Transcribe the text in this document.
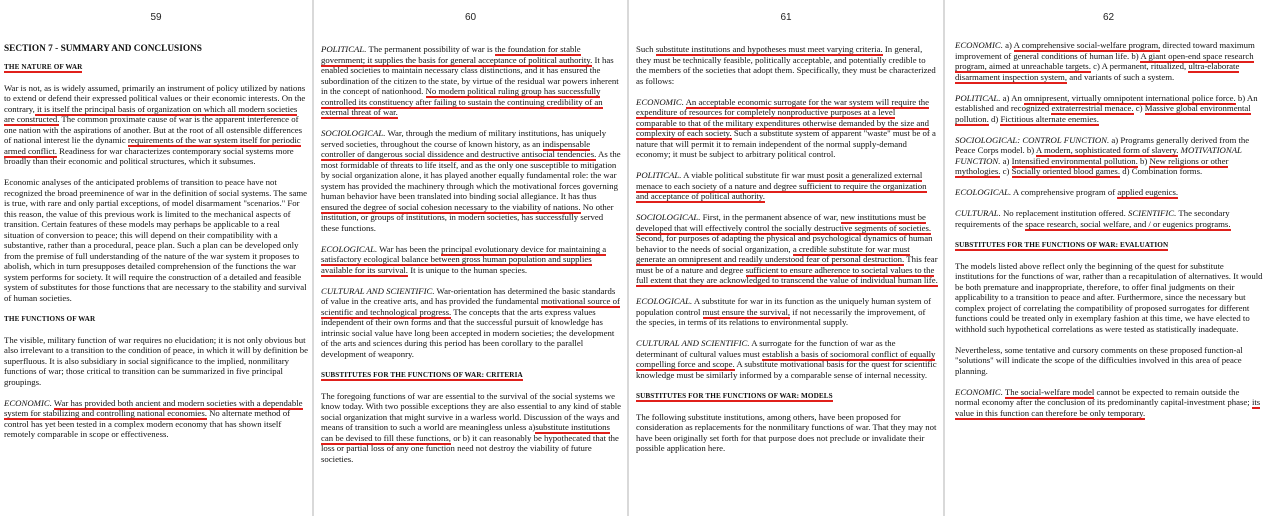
59
SECTION 7 - SUMMARY AND CONCLUSIONS
THE NATURE OF WAR

War is not, as is widely assumed, primarily an instrument of policy utilized by nations to extend or defend their expressed political values or their economic interests. On the contrary, it is itself the principal basis of organization on which all modern societies are constructed. The common proximate cause of war is the apparent interference of one nation with the aspirations of another. But at the root of all ostensible differences of national interest lie the dynamic requirements of the war system itself for periodic armed conflict. Readiness for war characterizes contemporary social systems more broadly than their economic and political structures, which it subsumes.

Economic analyses of the anticipated problems of transition to peace have not recognized the broad preeminence of war in the definition of social systems. The same is true, with rare and only partial exceptions, of model disarmament "scenarios." For this reason, the value of this previous work is limited to the mechanical aspects of transition. Certain features of these models may perhaps be applicable to a real situation of conversion to peace; this will depend on their compatibility with a substantive, rather than a procedural, peace plan. Such a plan can be developed only from the premise of full understanding of the nature of the war system it proposes to abolish, which in turn presupposes detailed comprehension of the functions the war system performs for society. It will require the construction of a detailed and feasible system of substitutes for those functions that are necessary to the stability and survival of human societies.

THE FUNCTIONS OF WAR

The visible, military function of war requires no elucidation; it is not only obvious but also irrelevant to a transition to the condition of peace, in which it will by definition be superfluous. It is also subsidiary in social significance to the implied, nonmilitary functions of war; those critical to transition can be summarized in five principal groupings.

ECONOMIC. War has provided both ancient and modern societies with a dependable system for stabilizing and controlling national economies. No alternate method of control has yet been tested in a complex modern economy that has shown itself remotely comparable in scope or effectiveness.

60

POLITICAL. The permanent possibility of war is the foundation for stable government; it supplies the basis for general acceptance of political authority. It has enabled societies to maintain necessary class distinctions, and it has ensured the subordination of the citizen to the state, by virtue of the residual war powers inherent in the concept of nationhood. No modern political ruling group has successfully controlled its constituency after failing to sustain the continuing credibility of an external threat of war.

SOCIOLOGICAL. War, through the medium of military institutions, has uniquely served societies, throughout the course of known history, as an indispensable controller of dangerous social dissidence and destructive antisocial tendencies. As the most formidable of threats to life itself, and as the only one susceptible to mitigation by social organization alone, it has played another equally fundamental role: the war system has provided the machinery through which the motivational forces governing human behavior have been translated into binding social allegiance. It has thus ensured the degree of social cohesion necessary to the viability of nations. No other institution, or groups of institutions, in modern societies, has successfully served these functions.

ECOLOGICAL. War has been the principal evolutionary device for maintaining a satisfactory ecological balance between gross human population and supplies available for its survival. It is unique to the human species.

CULTURAL AND SCIENTIFIC. War-orientation has determined the basic standards of value in the creative arts, and has provided the fundamental motivational source of scientific and technological progress. The concepts that the arts express values independent of their own forms and that the successful pursuit of knowledge has intrinsic social value have long been accepted in modern societies; the development of the arts and sciences during this period has been corollary to the parallel development of weaponry.

SUBSTITUTES FOR THE FUNCTIONS OF WAR: CRITERIA

The foregoing functions of war are essential to the survival of the social systems we know today. With two possible exceptions they are also essential to any kind of stable social organization that might survive in a warless world. Discussion of the ways and means of transition to such a world are meaningless unless a)substitute institutions can be devised to fill these functions, or b) it can reasonably be hypothecated that the loss or partial loss of any one function need not destroy the viability of future societies.

61

Such substitute institutions and hypotheses must meet varying criteria. In general, they must be technically feasible, politically acceptable, and potentially credible to the members of the societies that adopt them. Specifically, they must be characterized as follows:

ECONOMIC. An acceptable economic surrogate for the war system will require the expenditure of resources for completely nonproductive purposes at a level comparable to that of the military expenditures otherwise demanded by the size and complexity of each society. Such a substitute system of apparent "waste" must be of a nature that will permit it to remain independent of the normal supply-demand economy; it must be subject to arbitrary political control.

POLITICAL. A viable political substitute fir war must posit a generalized external menace to each society of a nature and degree sufficient to require the organization and acceptance of political authority.

SOCIOLOGICAL. First, in the permanent absence of war, new institutions must be developed that will effectively control the socially destructive segments of societies. Second, for purposes of adapting the physical and psychological dynamics of human behavior to the needs of social organization, a credible substitute for war must generate an omnipresent and readily understood fear of personal destruction. This fear must be of a nature and degree sufficient to ensure adherence to societal values to the full extent that they are acknowledged to transcend the value of individual human life.

ECOLOGICAL. A substitute for war in its function as the uniquely human system of population control must ensure the survival, if not necessarily the improvement, of the species, in terms of its relations to environmental supply.

CULTURAL AND SCIENTIFIC. A surrogate for the function of war as the determinant of cultural values must establish a basis of sociomoral conflict of equally compelling force and scope. A substitute motivational basis for the quest for scientific knowledge must be similarly informed by a comparable sense of internal necessity.

SUBSTITUTES FOR THE FUNCTIONS OF WAR: MODELS

The following substitute institutions, among others, have been proposed for consideration as replacements for the nonmilitary functions of war. That they may not have been originally set forth for that purpose does not preclude or invalidate their possible application here.

62

ECONOMIC. a) A comprehensive social-welfare program, directed toward maximum improvement of general conditions of human life. b) A giant open-end space research program, aimed at unreachable targets. c) A permanent, ritualized, ultra-elaborate disarmament inspection system, and variants of such a system.

POLITICAL. a) An omnipresent, virtually omnipotent international police force. b) An established and recognized extraterrestrial menace. c) Massive global environmental pollution. d) Fictitious alternate enemies.

SOCIOLOGICAL: CONTROL FUNCTION. a) Programs generally derived from the Peace Corps model. b) A modern, sophisticated form of slavery. MOTIVATIONAL FUNCTION. a) Intensified environmental pollution. b) New religions or other mythologies. c) Socially oriented blood games. d) Combination forms.

ECOLOGICAL. A comprehensive program of applied eugenics.

CULTURAL. No replacement institution offered. SCIENTIFIC. The secondary requirements of the space research, social welfare, and / or eugenics programs.

SUBSTITUTES FOR THE FUNCTIONS OF WAR: EVALUATION

The models listed above reflect only the beginning of the quest for substitute institutions for the functions of war, rather than a recapitulation of alternatives. It would be both premature and inappropriate, therefore, to offer final judgments on their applicability to a transition to peace and after. Furthermore, since the necessary but complex project of correlating the compatibility of proposed surrogates for different functions could be treated only in exemplary fashion at this time, we have elected to withhold such hypothetical correlations as were tested as statistically inadequate.

Nevertheless, some tentative and cursory comments on these proposed function-al "solutions" will indicate the scope of the difficulties involved in this area of peace planning.

ECONOMIC. The social-welfare model cannot be expected to remain outside the normal economy after the conclusion of its predominantly capital-investment phase; its value in this function can therefore be only temporary.
